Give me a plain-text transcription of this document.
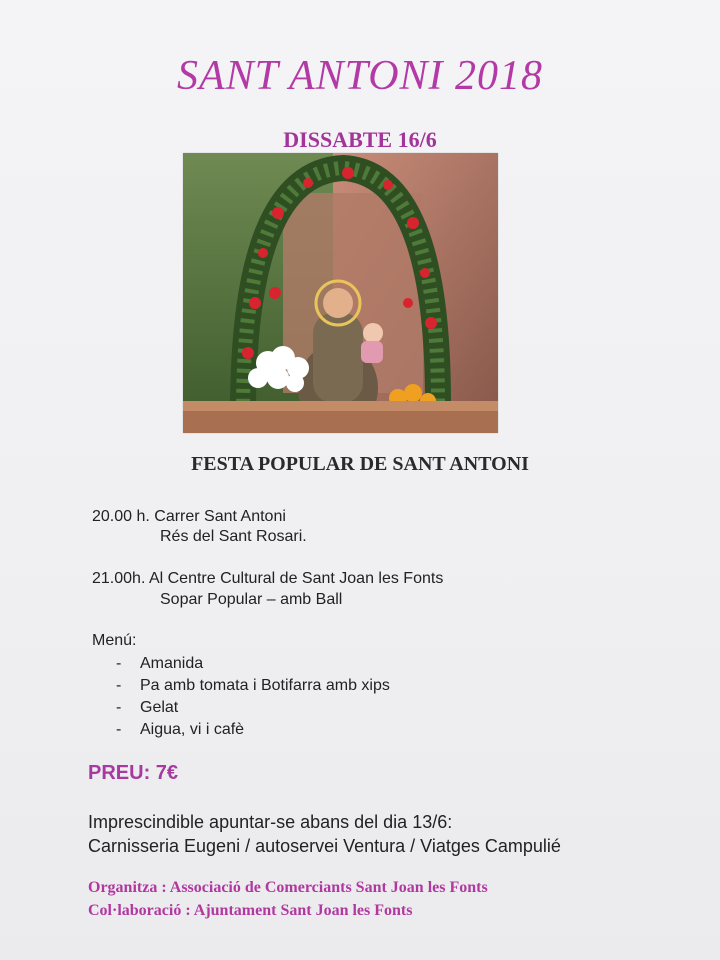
SANT ANTONI 2018
DISSABTE 16/6
FESTA POPULAR DE SANT ANTONI
20.00 h. Carrer Sant Antoni
Rés del Sant Rosari.
21.00h. Al Centre Cultural de Sant Joan les Fonts
Sopar Popular – amb Ball
Menú:
- Amanida
- Pa amb tomata i Botifarra amb xips
- Gelat
- Aigua, vi i cafè
PREU: 7€
Imprescindible apuntar-se abans del dia 13/6:
Carnisseria Eugeni / autoservei Ventura / Viatges Campulié
Organitza : Associació de Comerciants Sant Joan les Fonts
Col·laboració : Ajuntament Sant Joan les Fonts
